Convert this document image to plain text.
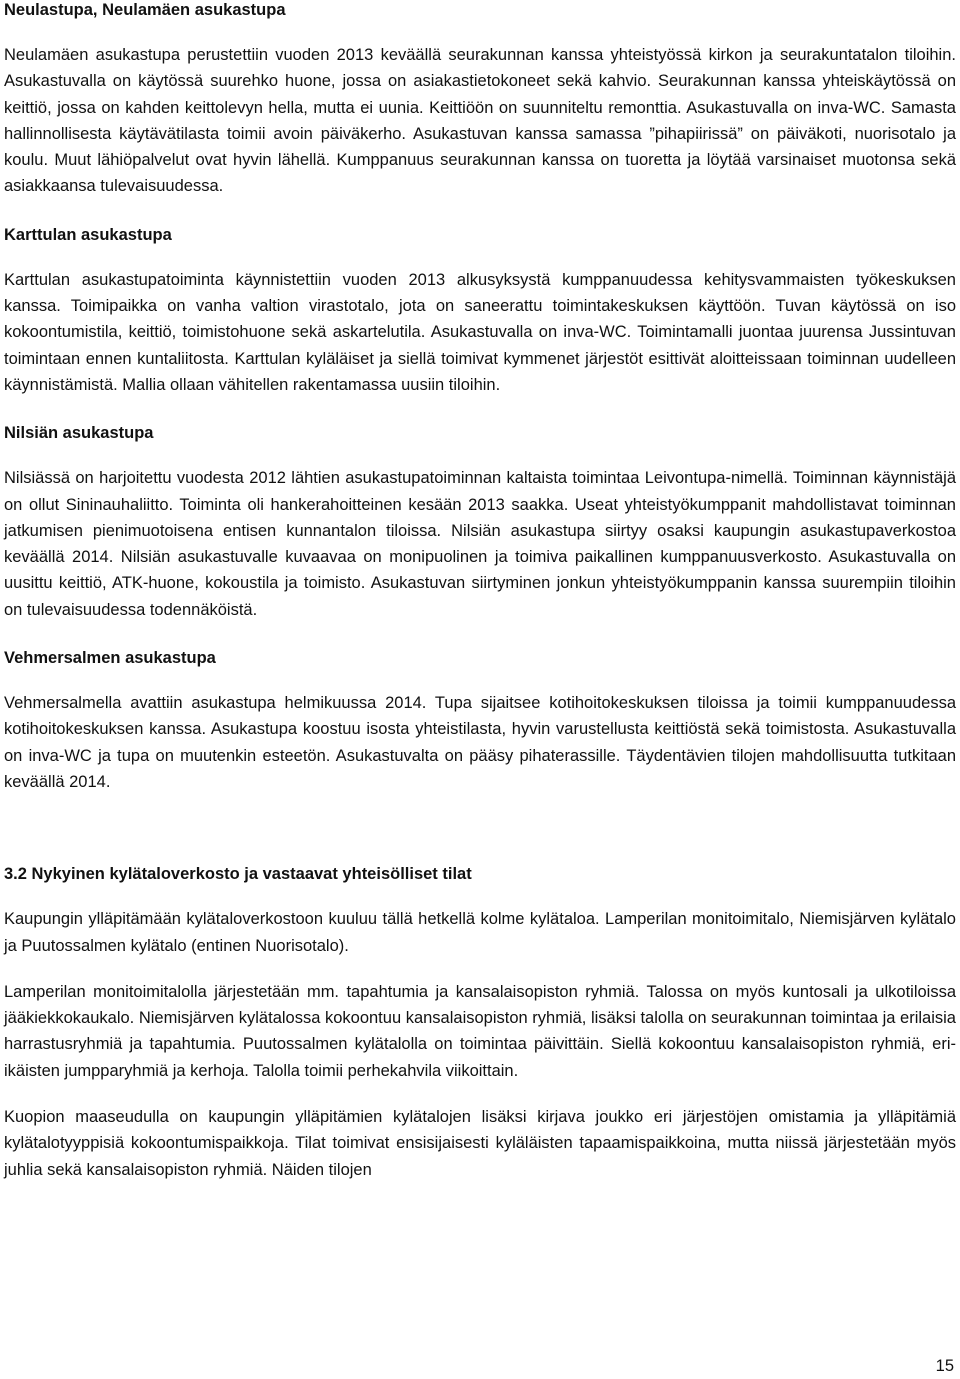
Neulastupa, Neulamäen asukastupa

Neulamäen asukastupa perustettiin vuoden 2013 keväällä seurakunnan kanssa yhteistyössä kirkon ja seurakuntatalon tiloihin. Asukastuvalla on käytössä suurehko huone, jossa on asiakastietokoneet sekä kahvio. Seurakunnan kanssa yhteiskäytössä on keittiö, jossa on kahden keittolevyn hella, mutta ei uunia. Keittiöön on suunniteltu remonttia. Asukastuvalla on inva-WC. Samasta hallinnollisesta käytävätilasta toimii avoin päiväkerho. Asukastuvan kanssa samassa ”pihapiirissä” on päiväkoti, nuorisotalo ja koulu. Muut lähiöpalvelut ovat hyvin lähellä. Kumppanuus seurakunnan kanssa on tuoretta ja löytää varsinaiset muotonsa sekä asiakkaansa tulevaisuudessa.

Karttulan asukastupa

Karttulan asukastupatoiminta käynnistettiin vuoden 2013 alkusyksystä kumppanuudessa kehitysvammaisten työkeskuksen kanssa. Toimipaikka on vanha valtion virastotalo, jota on saneerattu toimintakeskuksen käyttöön. Tuvan käytössä on iso kokoontumistila, keittiö, toimistohuone sekä askartelutila. Asukastuvalla on inva-WC. Toimintamalli juontaa juurensa Jussintuvan toimintaan ennen kuntaliitosta. Karttulan kyläläiset ja siellä toimivat kymmenet järjestöt esittivät aloitteissaan toiminnan uudelleen käynnistämistä. Mallia ollaan vähitellen rakentamassa uusiin tiloihin.

Nilsiän asukastupa

Nilsiässä on harjoitettu vuodesta 2012 lähtien asukastupatoiminnan kaltaista toimintaa Leivontupa-nimellä. Toiminnan käynnistäjä on ollut Sininauhaliitto. Toiminta oli hankerahoitteinen kesään 2013 saakka. Useat yhteistyökumppanit mahdollistavat toiminnan jatkumisen pienimuotoisena entisen kunnantalon tiloissa. Nilsiän asukastupa siirtyy osaksi kaupungin asukastupaverkostoa keväällä 2014. Nilsiän asukastuvalle kuvaavaa on monipuolinen ja toimiva paikallinen kumppanuusverkosto. Asukastuvalla on uusittu keittiö, ATK-huone, kokoustila ja toimisto. Asukastuvan siirtyminen jonkun yhteistyökumppanin kanssa suurempiin tiloihin on tulevaisuudessa todennäköistä.

Vehmersalmen asukastupa

Vehmersalmella avattiin asukastupa helmikuussa 2014. Tupa sijaitsee kotihoitokeskuksen tiloissa ja toimii kumppanuudessa kotihoitokeskuksen kanssa. Asukastupa koostuu isosta yhteistilasta, hyvin varustellusta keittiöstä sekä toimistosta. Asukastuvalla on inva-WC ja tupa on muutenkin esteetön. Asukastuvalta on pääsy pihaterassille. Täydentävien tilojen mahdollisuutta tutkitaan keväällä 2014.

3.2 Nykyinen kylätaloverkosto ja vastaavat yhteisölliset tilat

Kaupungin ylläpitämään kylätaloverkostoon kuuluu tällä hetkellä kolme kylätaloa. Lamperilan monitoimitalo, Niemisjärven kylätalo ja Puutossalmen kylätalo (entinen Nuorisotalo).

Lamperilan monitoimitalolla järjestetään mm. tapahtumia ja kansalaisopiston ryhmiä. Talossa on myös kuntosali ja ulkotiloissa jääkiekkokaukalo. Niemisjärven kylätalossa kokoontuu kansalaisopiston ryhmiä, lisäksi talolla on seurakunnan toimintaa ja erilaisia harrastusryhmiä ja tapahtumia. Puutossalmen kylätalolla on toimintaa päivittäin. Siellä kokoontuu kansalaisopiston ryhmiä, eri-ikäisten jumpparyhmiä ja kerhoja. Talolla toimii perhekahvila viikoittain.

Kuopion maaseudulla on kaupungin ylläpitämien kylätalojen lisäksi kirjava joukko eri järjestöjen omistamia ja ylläpitämiä kylätalotyyppisiä kokoontumispaikkoja. Tilat toimivat ensisijaisesti kyläläisten tapaamispaikkoina, mutta niissä järjestetään myös juhlia sekä kansalaisopiston ryhmiä. Näiden tilojen

15
